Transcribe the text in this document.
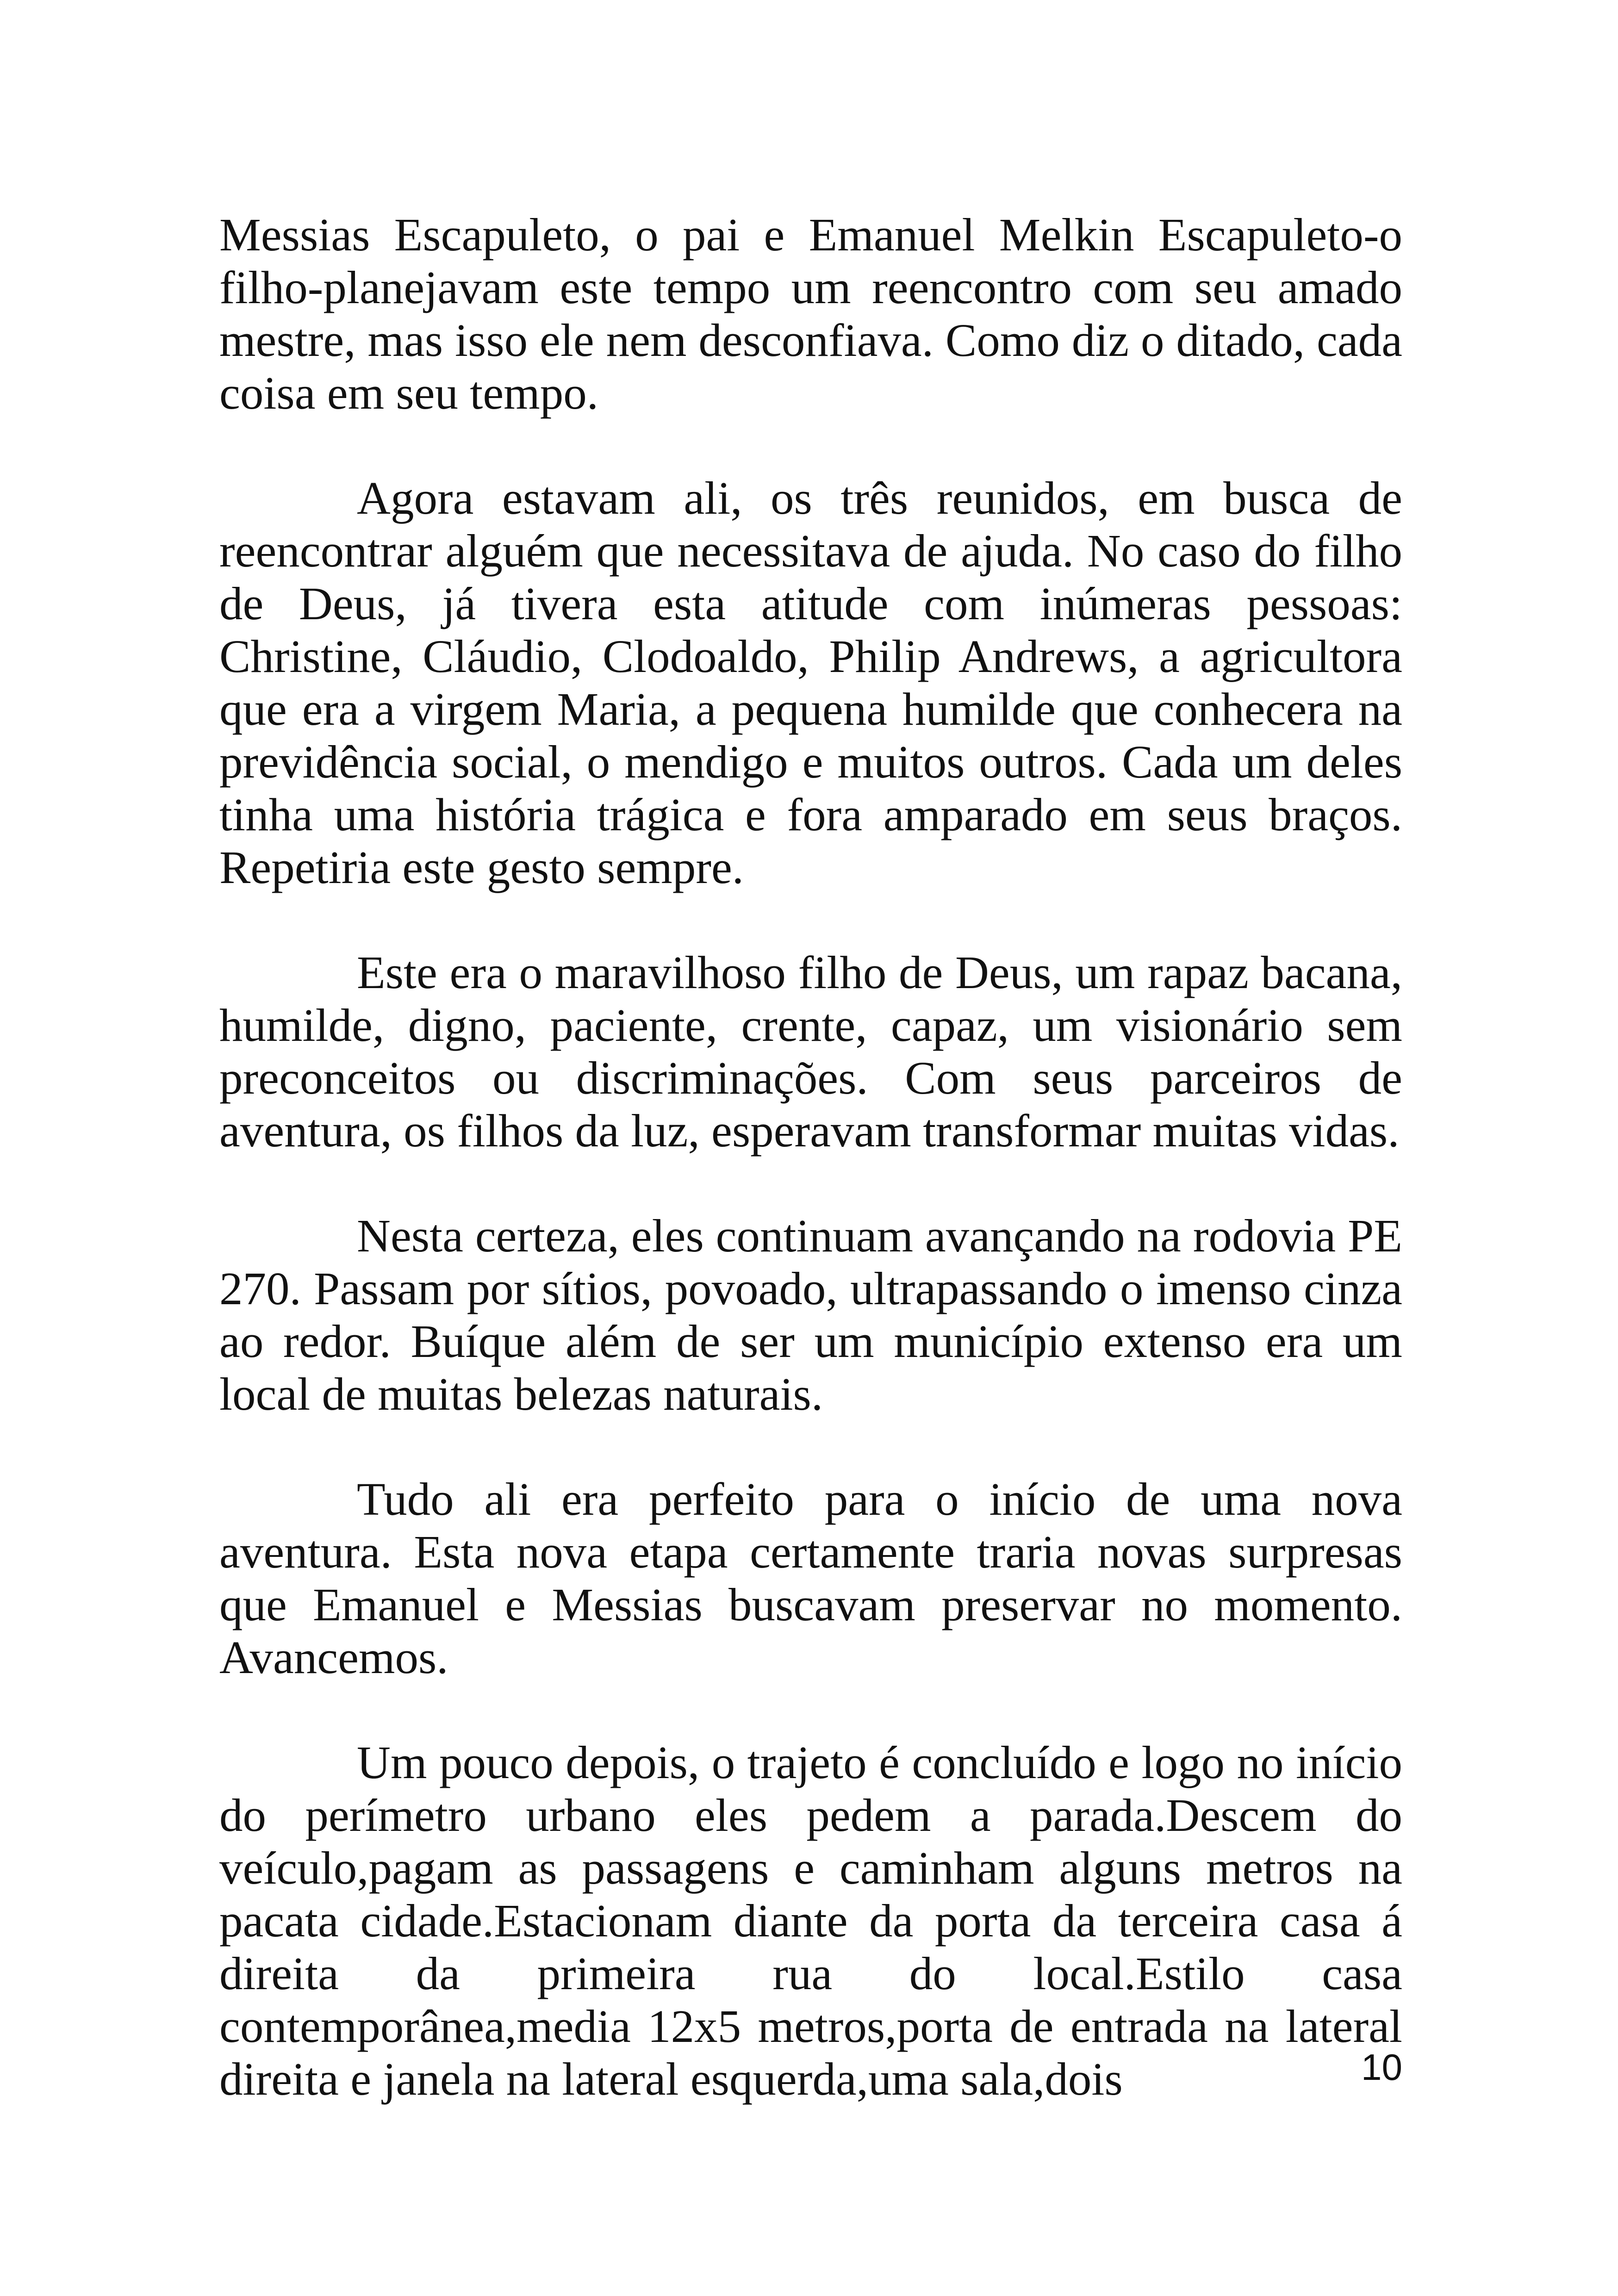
Messias Escapuleto, o pai e Emanuel Melkin Escapuleto-o filho-planejavam este tempo um reencontro com seu amado mestre, mas isso ele nem desconfiava. Como diz o ditado, cada coisa em seu tempo.

Agora estavam ali, os três reunidos, em busca de reencontrar alguém que necessitava de ajuda. No caso do filho de Deus, já tivera esta atitude com inúmeras pessoas: Christine, Cláudio, Clodoaldo, Philip Andrews, a agricultora que era a virgem Maria, a pequena humilde que conhecera na previdência social, o mendigo e muitos outros. Cada um deles tinha uma história trágica e fora amparado em seus braços. Repetiria este gesto sempre.

Este era o maravilhoso filho de Deus, um rapaz bacana, humilde, digno, paciente, crente, capaz, um visionário sem preconceitos ou discriminações. Com seus parceiros de aventura, os filhos da luz, esperavam transformar muitas vidas.

Nesta certeza, eles continuam avançando na rodovia PE 270. Passam por sítios, povoado, ultrapassando o imenso cinza ao redor. Buíque além de ser um município extenso era um local de muitas belezas naturais.

Tudo ali era perfeito para o início de uma nova aventura. Esta nova etapa certamente traria novas surpresas que Emanuel e Messias buscavam preservar no momento. Avancemos.

Um pouco depois, o trajeto é concluído e logo no início do perímetro urbano eles pedem a parada.Descem do veículo,pagam as passagens e caminham alguns metros na pacata cidade.Estacionam diante da porta da terceira casa á direita da primeira rua do local.Estilo casa contemporânea,media 12x5 metros,porta de entrada na lateral direita e janela na lateral esquerda,uma sala,dois	10
